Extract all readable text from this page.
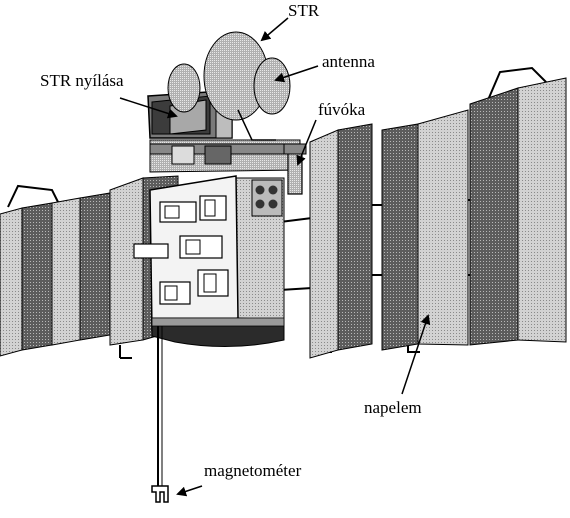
STR
antenna
STR nyílása
fúvóka
napelem
magnetométer
